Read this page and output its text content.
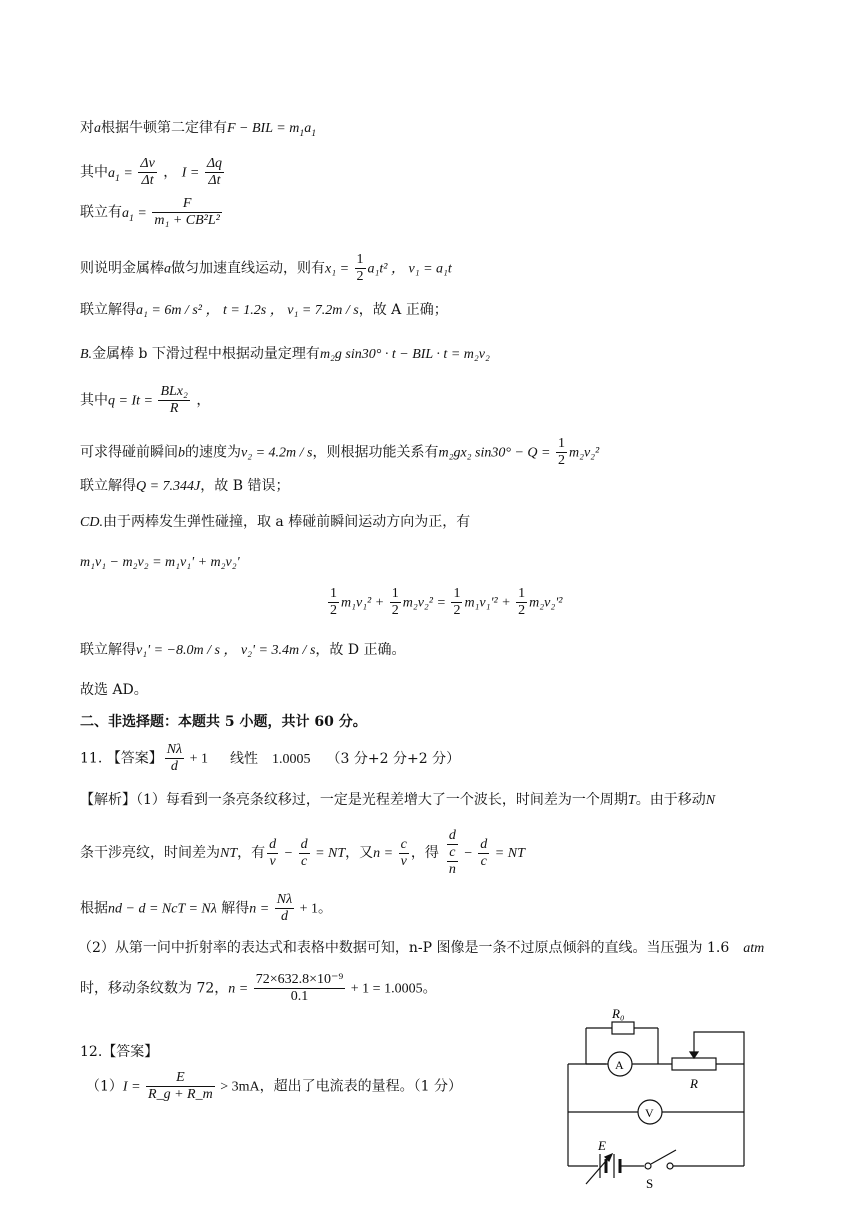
对a根据牛顿第二定律有F − BIL = $m_1a_1$
其中$a_1 = \frac{\Delta v}{\Delta t}$ ， $I = \frac{\Delta q}{\Delta t}$
联立有$a_1 = \frac{F}{\text{m₁ + CB²L²}}$
则说明金属棒a做匀加速直线运动，则有$x_1 = \frac{1}{2} a_1t^2$ ， v₁ = a₁t
联立解得a₁ = 6m / s² ， t = 1.2s ， v₁ = 7.2m / s，故 A 正确；
B.金属棒 b 下滑过程中根据动量定理有m₂g sin30° · t − BIL · t = m₂v₂
其中$q = It = \frac{\text{BLx₂}}{R}$ ，
可求得碰前瞬间b的速度为v₂ = 4.2m / s，则根据功能关系有m₂gx₂ $\sin 30^\circ - Q = \frac{1}{2} m_2v_2^2$
联立解得Q = 7.344J，故 B 错误；
CD.由于两棒发生弹性碰撞，取 a 棒碰前瞬间运动方向为正，有
m₁v₁ − m₂v₂ = m₁v₁' + m₂v₂'
$\frac{1}{2} m_1v_1^2 + \frac{1}{2} m_2v_2^2 = \frac{1}{2} m_1v_1'^2 + \frac{1}{2} m_2v_2'^2$
联立解得v₁' = −8.0m / s ， v₂' = 3.4m / s，故 D 正确。
故选 AD。
二、非选择题：本题共 5 小题，共计 60 分。
11. 【答案】 $\frac{N\lambda}{d} + 1$ 线性 1.0005 （3 分+2 分+2 分）
【解析】（1）每看到一条亮条纹移过，一定是光程差增大了一个波长，时间差为一个周期T。由于移动N
条干涉亮纹，时间差为NT，有 $\frac{d}{v} - \frac{d}{c}$ = NT，又$n = \frac{c}{v}$ ，得
d
c
n
− $\frac{d}{c}$ = NT
根据nd − d = NcT = Nλ 解得$n = \frac{N\lambda}{d} + 1$。
（2）从第一问中折射率的表达式和表格中数据可知，n-P 图像是一条不过原点倾斜的直线。当压强为 1.6 atm
时，移动条纹数为 72，$n = \frac{\text{72×632.8×10⁻⁹}}{0.1} + 1 = 1.0005$。
12.【答案】
$(1)I = \frac{E}{R\_g + R\_m} > 3mA$，超出了电流表的量程。（1 分）
R₀
A
R
V
E
S
